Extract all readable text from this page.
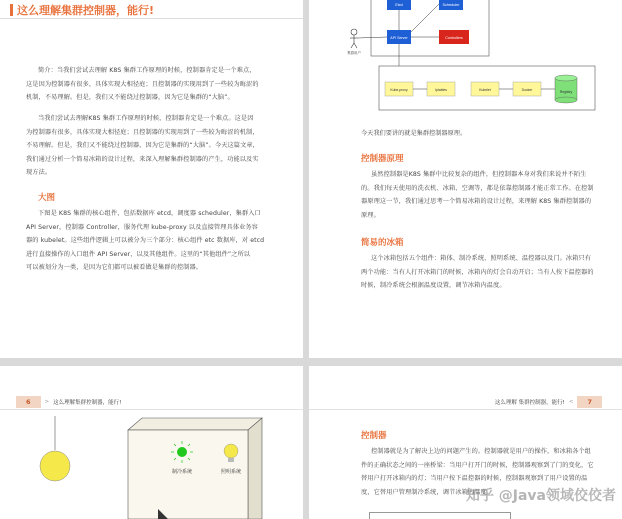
这么理解集群控制器，能行!
简介：当我们尝试去理解 K8S 集群工作原理的时候，控制器肯定是一个难点，
这是因为控制器有很多，具体实现大相径庭；且控制器的实现用到了一些较为晦涩的
机制，不易理解。但是，我们又不能绕过控制器，因为它是集群的“大脑”。
当我们尝试去理解K8S 集群工作原理的时候，控制器肯定是一个难点。这是因
为控制器有很多，具体实现大相径庭；且控制器的实现用到了一些较为晦涩的机制，
不易理解。但是，我们又不能绕过控制器，因为它是集群的“大脑”。今天这篇文章，
我们通过分析一个简易冰箱的设计过程，来深入理解集群控制器的产生，功能以及实
现方法。
大图
下图是 K8S 集群的核心组件，包括数据库 etcd，调度器 scheduler，集群入口
API Server，控制器 Controller，服务代理 kube-proxy 以及直接管理具体业务容
器的 kubelet。这些组件逻辑上可以被分为三个部分：核心组件 etc 数据库，对 etcd
进行直接操作的入口组件 API Server，以及其他组件。这里的“其他组件”之所以
可以被划分为一类，是因为它们都可以被看做是集群的控制器。
Etcd	Scheduler
API Server	Controllers
集群用户
Kube-proxy	Iptables	Kubelet	Docker	Registry
今天我们要讲的就是集群控制器原理。
控制器原理
虽然控制器是K8S 集群中比较复杂的组件，但控制器本身对我们来说并不陌生
的。我们每天使用的洗衣机、冰箱、空调等，都是依靠控制器才能正常工作。在控制
器原理这一节，我们通过思考一个简易冰箱的设计过程，来理解 K8S 集群控制器的
原理。
简易的冰箱
这个冰箱包括五个组件：箱体、制冷系统、照明系统、温控器以及门。冰箱只有
两个功能：当有人打开冰箱门的时候，冰箱内的灯会自动开启；当有人按下温控器的
时候，制冷系统会根据温度设置，调节冰箱内温度。
6	> 这么理解集群控制器，能行!
制冷系统	照明系统
这么理解 集群控制器，能行! <	7
控制器
控制器就是为了解决上边的问题产生的。控制器就是用户的操作，和冰箱各个组
件的正确状态之间的一座桥梁：当用户打开门的时候，控制器观察到了门的变化，它
替用户打开冰箱内的灯；当用户按下温控器的时候，控制器观察到了用户设置的温
度，它替用户管理制冷系统，调节冰箱内温度。
知乎 @Java领域佼佼者
